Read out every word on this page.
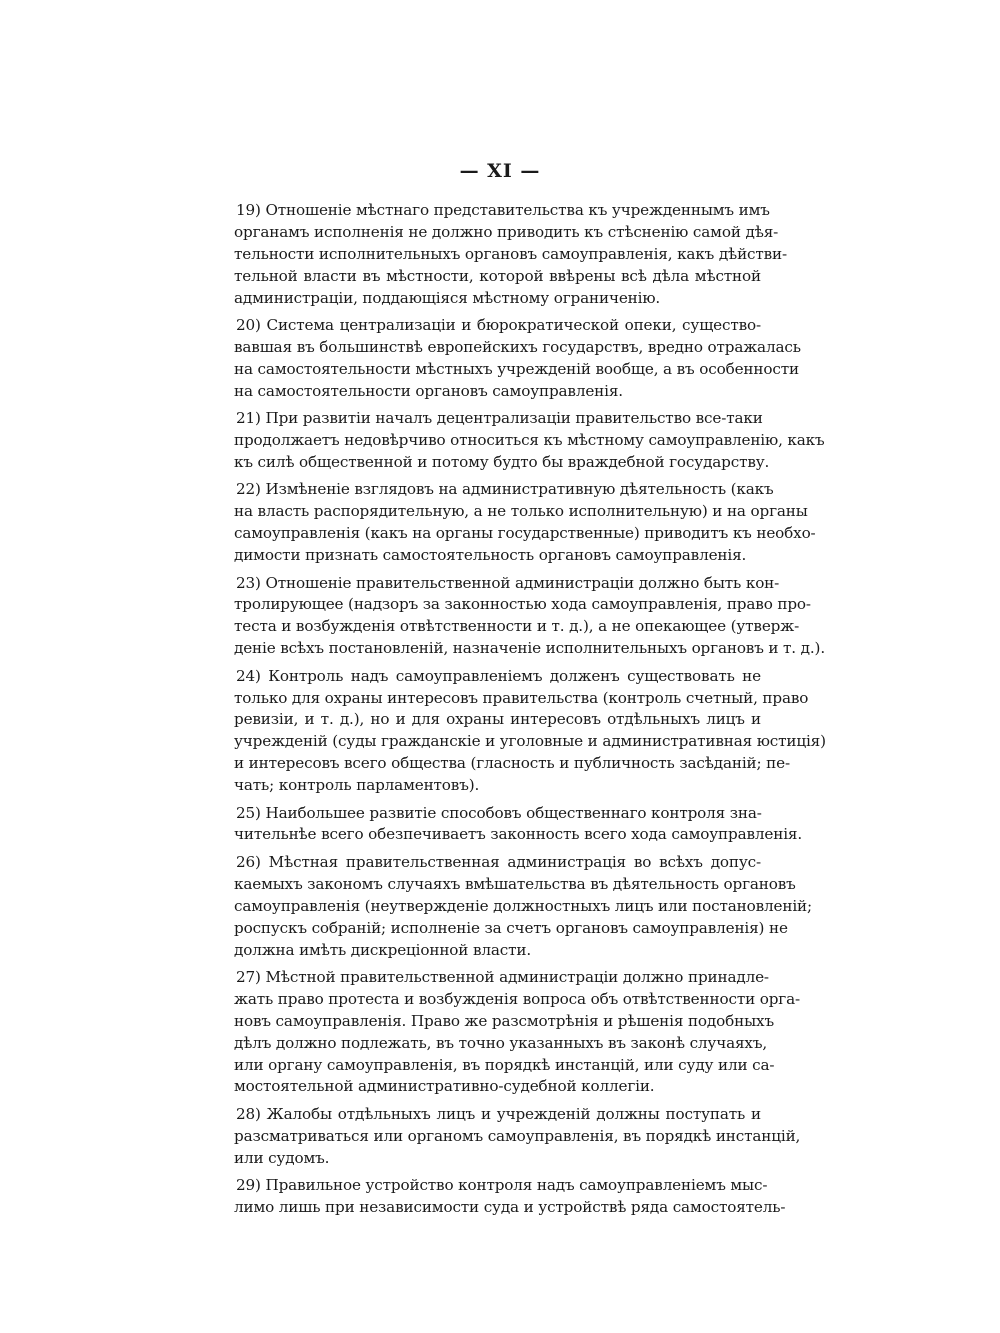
— XI —
19) Отношеніе мѣстнаго представительства къ учрежденнымъ имъ
органамъ исполненія не должно приводить къ стѣсненію самой дѣя-
тельности исполнительныхъ органовъ самоуправленія, какъ дѣйстви-
тельной власти въ мѣстности, которой ввѣрены всѣ дѣла мѣстной
администраціи, поддающіяся мѣстному ограниченію.
20) Система централизаціи и бюрократической опеки, существо-
вавшая въ большинствѣ европейскихъ государствъ, вредно отражалась
на самостоятельности мѣстныхъ учрежденій вообще, а въ особенности
на самостоятельности органовъ самоуправленія.
21) При развитіи началъ децентрализаціи правительство все-таки
продолжаетъ недовѣрчиво относиться къ мѣстному самоуправленію, какъ
къ силѣ общественной и потому будто бы враждебной государству.
22) Измѣненіе взглядовъ на административную дѣятельность (какъ
на власть распорядительную, а не только исполнительную) и на органы
самоуправленія (какъ на органы государственные) приводитъ къ необхо-
димости признать самостоятельность органовъ самоуправленія.
23) Отношеніе правительственной администраціи должно быть кон-
тролирующее (надзоръ за законностью хода самоуправленія, право про-
теста и возбужденія отвѣтственности и т. д.), а не опекающее (утверж-
деніе всѣхъ постановленій, назначеніе исполнительныхъ органовъ и т. д.).
24) Контроль надъ самоуправленіемъ долженъ существовать не
только для охраны интересовъ правительства (контроль счетный, право
ревизіи, и т. д.), но и для охраны интересовъ отдѣльныхъ лицъ и
учрежденій (суды гражданскіе и уголовные и административная юстиція)
и интересовъ всего общества (гласность и публичность засѣданій; пе-
чать; контроль парламентовъ).
25) Наибольшее развитіе способовъ общественнаго контроля зна-
чительнѣе всего обезпечиваетъ законность всего хода самоуправленія.
26) Мѣстная правительственная администрація во всѣхъ допус-
каемыхъ закономъ случаяхъ вмѣшательства въ дѣятельность органовъ
самоуправленія (неутвержденіе должностныхъ лицъ или постановленій;
роспускъ собраній; исполненіе за счетъ органовъ самоуправленія) не
должна имѣть дискреціонной власти.
27) Мѣстной правительственной администраціи должно принадле-
жать право протеста и возбужденія вопроса объ отвѣтственности орга-
новъ самоуправленія. Право же разсмотрѣнія и рѣшенія подобныхъ
дѣлъ должно подлежать, въ точно указанныхъ въ законѣ случаяхъ,
или органу самоуправленія, въ порядкѣ инстанцій, или суду или са-
мостоятельной административно-судебной коллегіи.
28) Жалобы отдѣльныхъ лицъ и учрежденій должны поступать и
разсматриваться или органомъ самоуправленія, въ порядкѣ инстанцій,
или судомъ.
29) Правильное устройство контроля надъ самоуправленіемъ мыс-
лимо лишь при независимости суда и устройствѣ ряда самостоятель-
